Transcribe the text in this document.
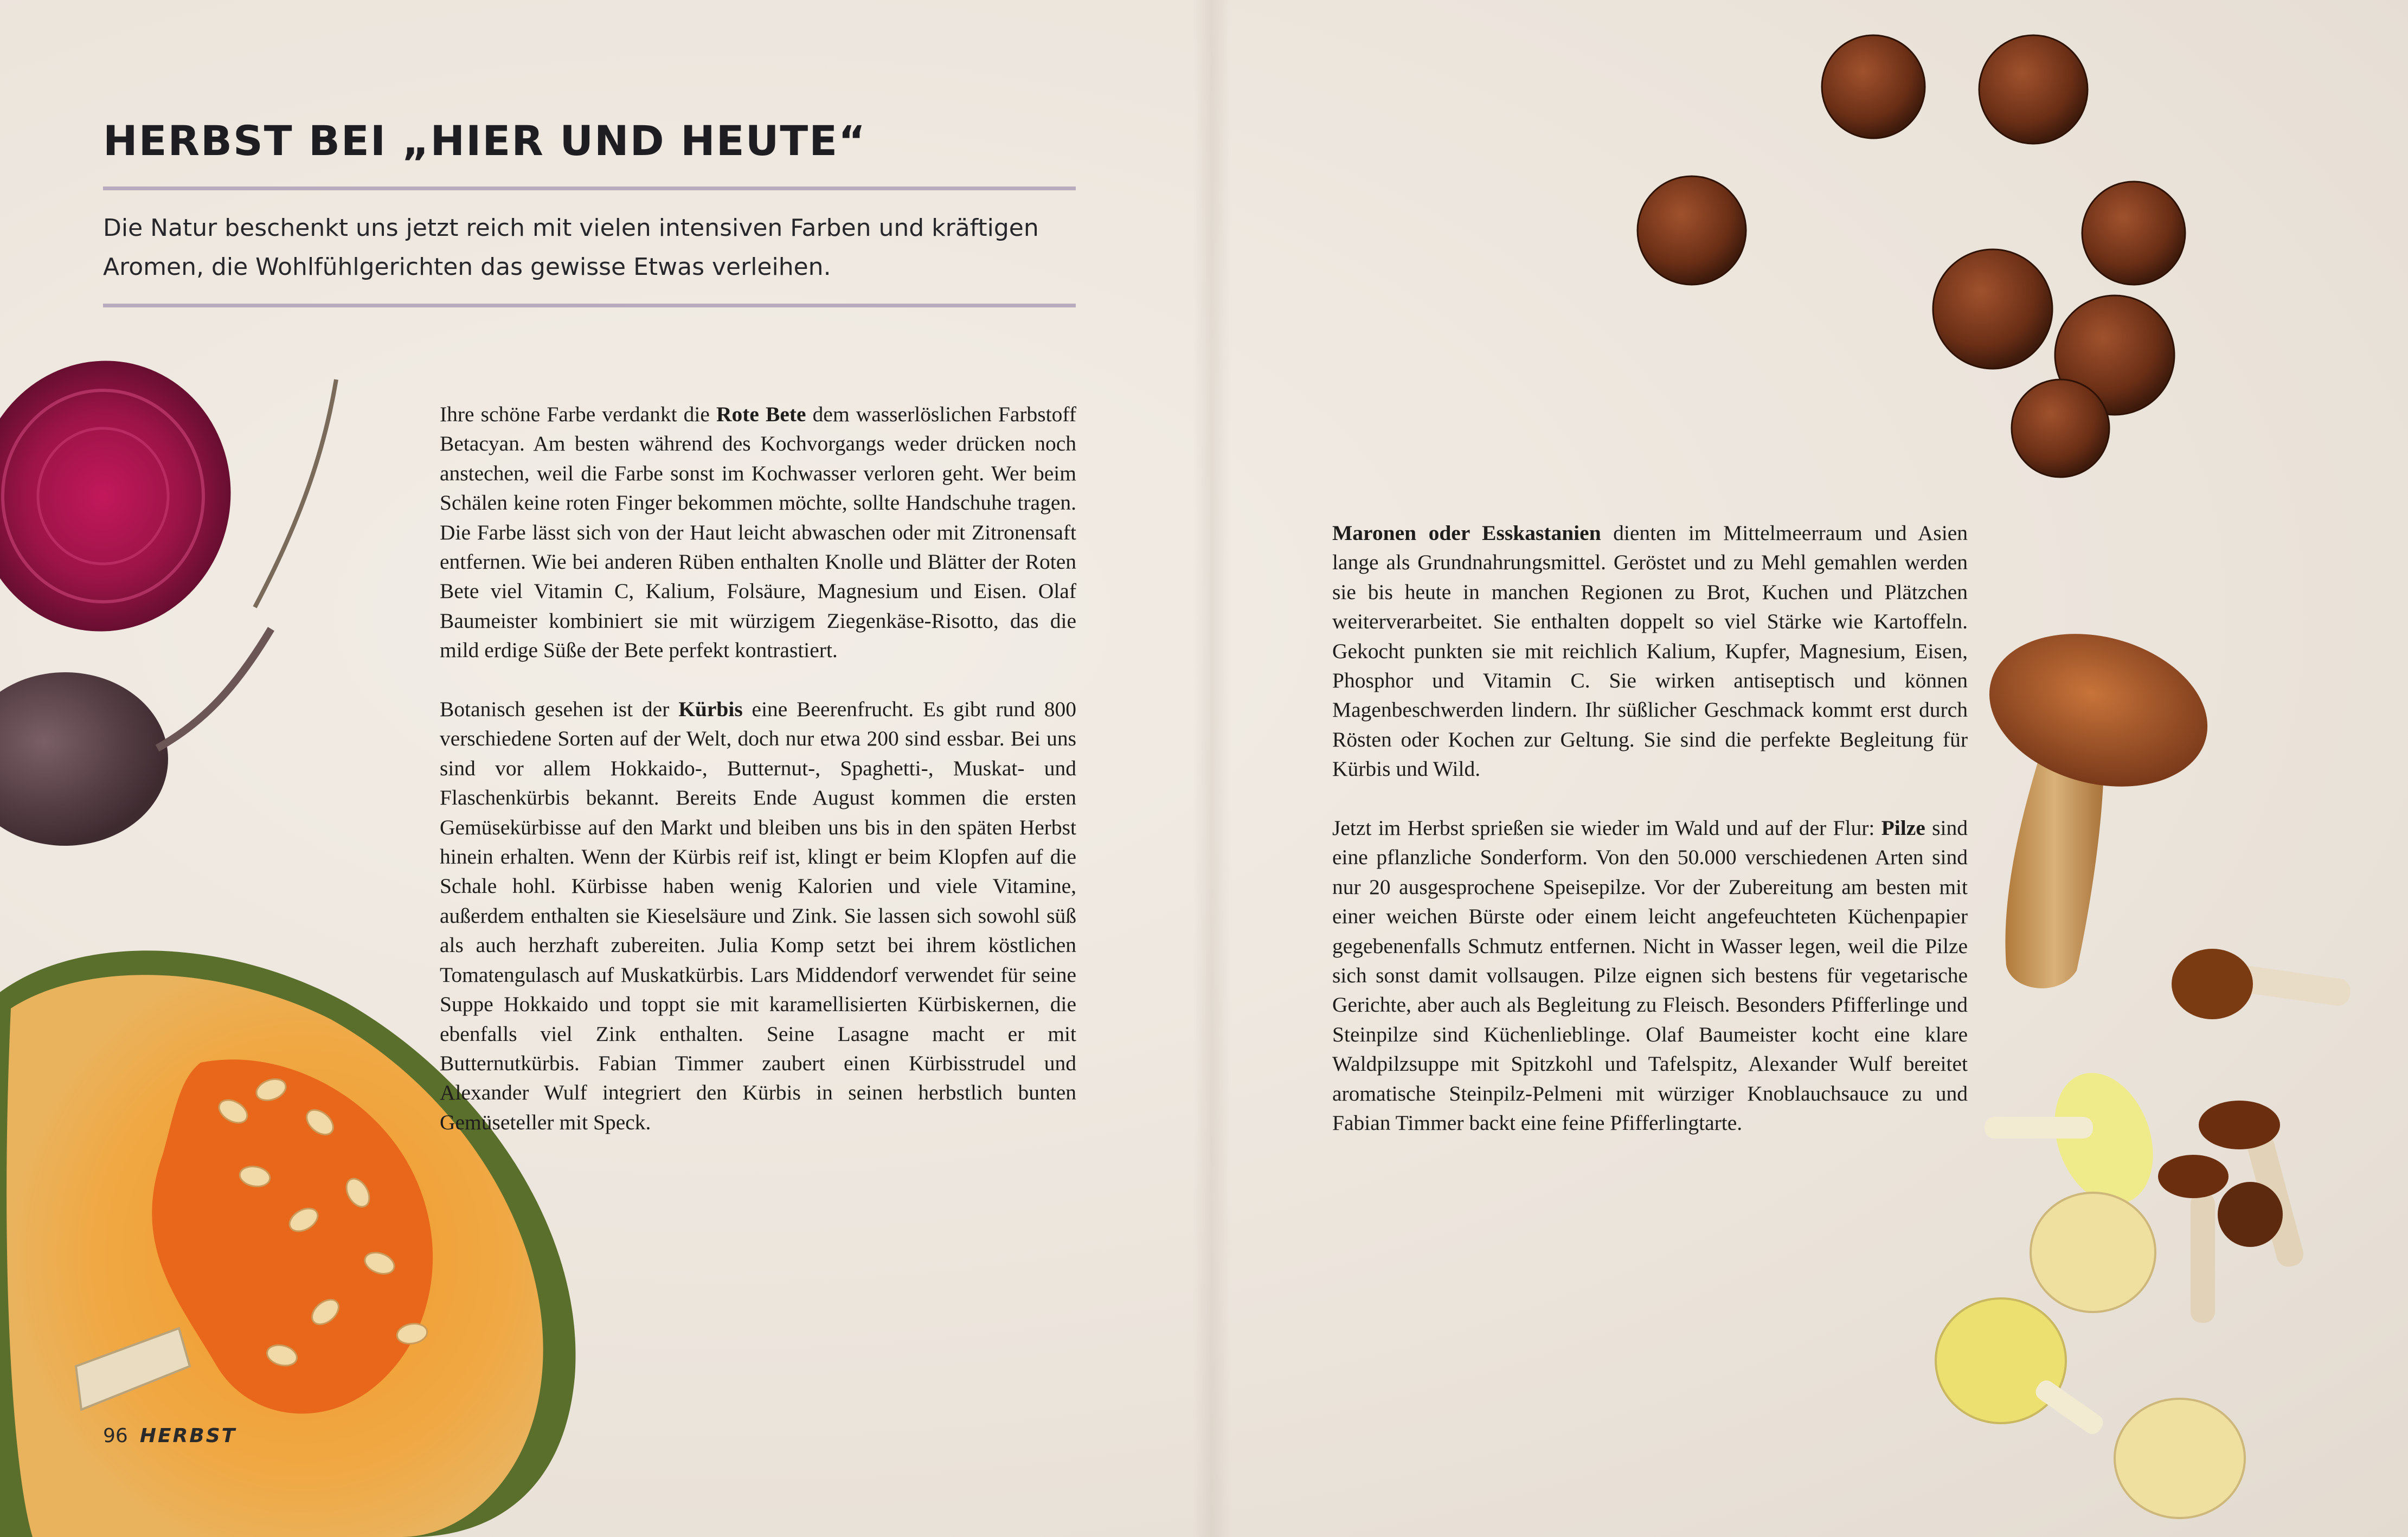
HERBST BEI „HIER UND HEUTE“

Die Natur beschenkt uns jetzt reich mit vielen intensiven Farben und kräftigen Aromen, die Wohlfühlgerichten das gewisse Etwas verleihen.

Ihre schöne Farbe verdankt die Rote Bete dem wasserlöslichen Farbstoff Betacyan. Am besten während des Kochvorgangs weder drücken noch anstechen, weil die Farbe sonst im Kochwasser verloren geht. Wer beim Schälen keine roten Finger bekommen möchte, sollte Handschuhe tragen. Die Farbe lässt sich von der Haut leicht abwaschen oder mit Zitronensaft entfernen. Wie bei anderen Rüben enthalten Knolle und Blätter der Roten Bete viel Vitamin C, Kalium, Folsäure, Magnesium und Eisen. Olaf Baumeister kombiniert sie mit würzigem Ziegenkäse-Risotto, das die mild erdige Süße der Bete perfekt kontrastiert.

Botanisch gesehen ist der Kürbis eine Beerenfrucht. Es gibt rund 800 verschiedene Sorten auf der Welt, doch nur etwa 200 sind essbar. Bei uns sind vor allem Hokkaido-, Butternut-, Spaghetti-, Muskat- und Flaschenkürbis bekannt. Bereits Ende August kommen die ersten Gemüsekürbisse auf den Markt und bleiben uns bis in den späten Herbst hinein erhalten. Wenn der Kürbis reif ist, klingt er beim Klopfen auf die Schale hohl. Kürbisse haben wenig Kalorien und viele Vitamine, außerdem enthalten sie Kieselsäure und Zink. Sie lassen sich sowohl süß als auch herzhaft zubereiten. Julia Komp setzt bei ihrem köstlichen Tomatengulasch auf Muskatkürbis. Lars Middendorf verwendet für seine Suppe Hokkaido und toppt sie mit karamellisierten Kürbiskernen, die ebenfalls viel Zink enthalten. Seine Lasagne macht er mit Butternutkürbis. Fabian Timmer zaubert einen Kürbisstrudel und Alexander Wulf integriert den Kürbis in seinen herbstlich bunten Gemüseteller mit Speck.

Maronen oder Esskastanien dienten im Mittelmeerraum und Asien lange als Grundnahrungsmittel. Geröstet und zu Mehl gemahlen werden sie bis heute in manchen Regionen zu Brot, Kuchen und Plätzchen weiterverarbeitet. Sie enthalten doppelt so viel Stärke wie Kartoffeln. Gekocht punkten sie mit reichlich Kalium, Kupfer, Magnesium, Eisen, Phosphor und Vitamin C. Sie wirken antiseptisch und können Magenbeschwerden lindern. Ihr süßlicher Geschmack kommt erst durch Rösten oder Kochen zur Geltung. Sie sind die perfekte Begleitung für Kürbis und Wild.

Jetzt im Herbst sprießen sie wieder im Wald und auf der Flur: Pilze sind eine pflanzliche Sonderform. Von den 50.000 verschiedenen Arten sind nur 20 ausgesprochene Speisepilze. Vor der Zubereitung am besten mit einer weichen Bürste oder einem leicht angefeuchteten Küchenpapier gegebenenfalls Schmutz entfernen. Nicht in Wasser legen, weil die Pilze sich sonst damit vollsaugen. Pilze eignen sich bestens für vegetarische Gerichte, aber auch als Begleitung zu Fleisch. Besonders Pfifferlinge und Steinpilze sind Küchenlieblinge. Olaf Baumeister kocht eine klare Waldpilzsuppe mit Spitzkohl und Tafelspitz, Alexander Wulf bereitet aromatische Steinpilz-Pelmeni mit würziger Knoblauchsauce zu und Fabian Timmer backt eine feine Pfifferlingtarte.

96 HERBST
